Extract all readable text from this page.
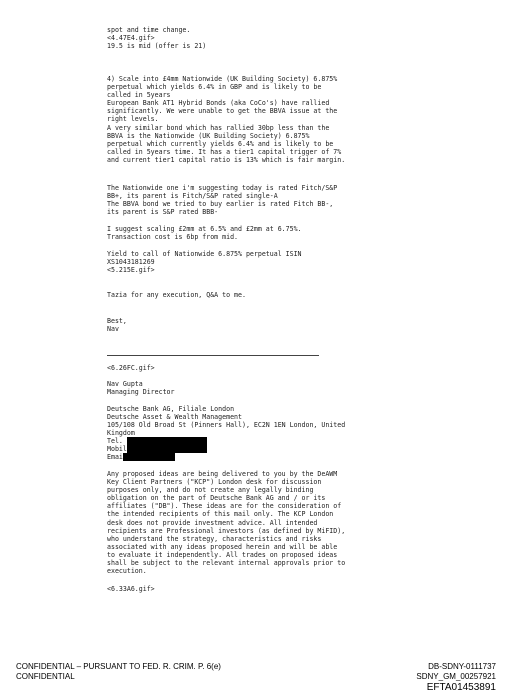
spot and time change.
<4.47E4.gif>
19.5 is mid (offer is 21)
4) Scale into £4mm Nationwide (UK Building Society) 6.875%
perpetual which yields 6.4% in GBP and is likely to be
called in 5years
European Bank AT1 Hybrid Bonds (aka CoCo's) have rallied
significantly. We were unable to get the BBVA issue at the
right levels.
A very similar bond which has rallied 30bp less than the
BBVA is the Nationwide (UK Building Society) 6.875%
perpetual which currently yields 6.4% and is likely to be
called in 5years time. It has a tier1 capital trigger of 7%
and current tier1 capital ratio is 13% which is fair margin.
The Nationwide one i'm suggesting today is rated Fitch/S&P
BB+, its parent is Fitch/S&P rated single-A
The BBVA bond we tried to buy earlier is rated Fitch BB-,
its parent is S&P rated BBB-
I suggest scaling £2mm at 6.5% and £2mm at 6.75%.
Transaction cost is 6bp from mid.
Yield to call of Nationwide 6.875% perpetual ISIN
XS1043181269
<5.215E.gif>
Tazia for any execution, Q&A to me.
Best,
Nav
<6.26FC.gif>
Nav Gupta
Managing Director
Deutsche Bank AG, Filiale London
Deutsche Asset & Wealth Management
105/108 Old Broad St (Pinners Hall), EC2N 1EN London, United
Kingdom
Tel.
Mobil
Emai
Any proposed ideas are being delivered to you by the DeAWM
Key Client Partners ("KCP") London desk for discussion
purposes only, and do not create any legally binding
obligation on the part of Deutsche Bank AG and / or its
affiliates ("DB"). These ideas are for the consideration of
the intended recipients of this mail only. The KCP London
desk does not provide investment advice. All intended
recipients are Professional investors (as defined by MiFID),
who understand the strategy, characteristics and risks
associated with any ideas proposed herein and will be able
to evaluate it independently. All trades on proposed ideas
shall be subject to the relevant internal approvals prior to
execution.
<6.33A6.gif>
CONFIDENTIAL – PURSUANT TO FED. R. CRIM. P. 6(e)
CONFIDENTIAL
DB-SDNY-0111737
SDNY_GM_00257921
EFTA01453891
